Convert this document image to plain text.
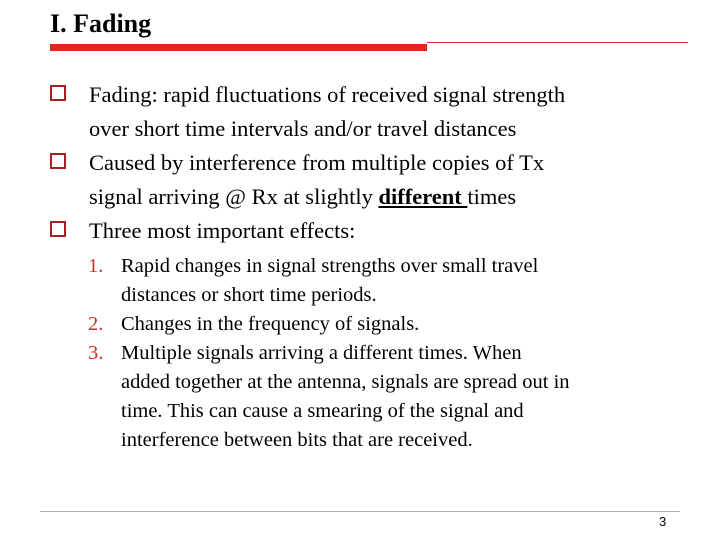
I. Fading
Fading: rapid fluctuations of received signal strength
over short time intervals and/or travel distances
Caused by interference from multiple copies of Tx
signal arriving @ Rx at slightly different times
Three most important effects:
1. Rapid changes in signal strengths over small travel
distances or short time periods.
2. Changes in the frequency of signals.
3. Multiple signals arriving a different times. When
added together at the antenna, signals are spread out in
time. This can cause a smearing of the signal and
interference between bits that are received.
3
